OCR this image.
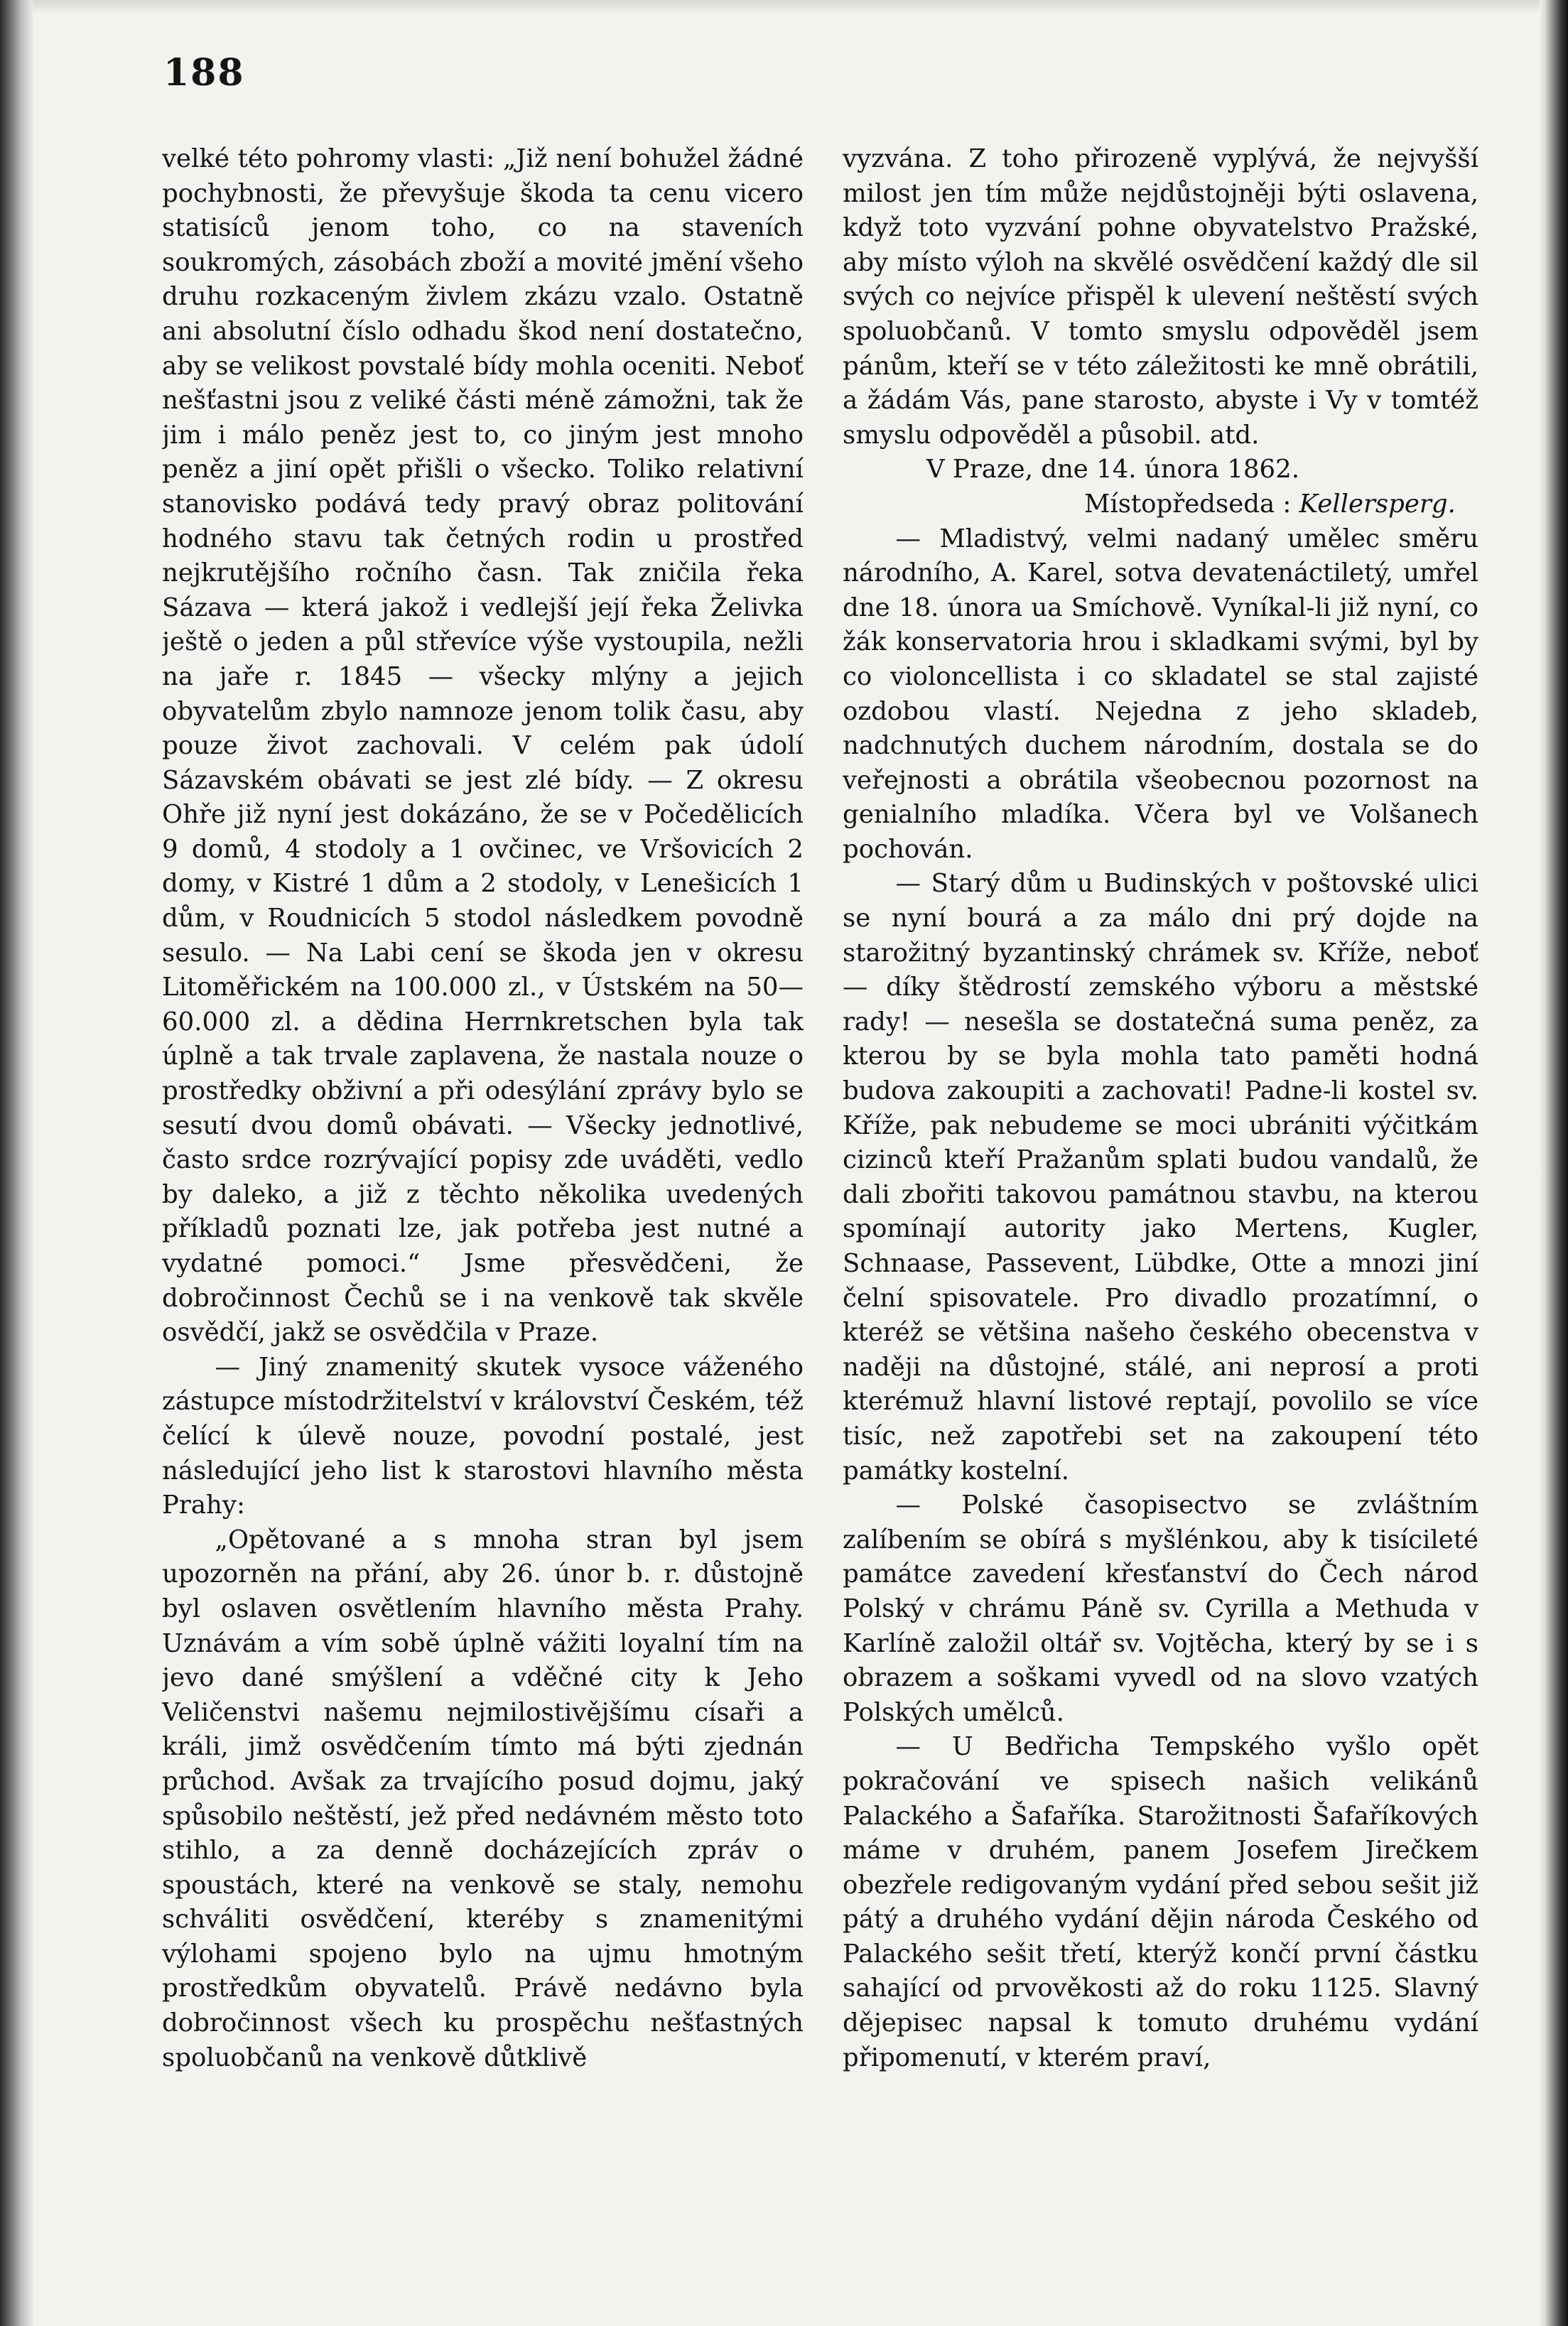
188

velké této pohromy vlasti: „Již není bohužel žádné pochybnosti, že převyšuje škoda ta cenu vicero statisíců jenom toho, co na staveních soukromých, zásobách zboží a movité jmění všeho druhu rozkaceným živlem zkázu vzalo. Ostatně ani absolutní číslo odhadu škod není dostatečno, aby se velikost povstalé bídy mohla oceniti. Neboť nešťastni jsou z veliké části méně zámožni, tak že jim i málo peněz jest to, co jiným jest mnoho peněz a jiní opět přišli o všecko. Toliko relativní stanovisko podává tedy pravý obraz politování hodného stavu tak četných rodin u prostřed nejkrutějšího ročního časn. Tak zničila řeka Sázava — která jakož i vedlejší její řeka Želivka ještě o jeden a půl střevíce výše vystoupila, nežli na jaře r. 1845 — všecky mlýny a jejich obyvatelům zbylo namnoze jenom tolik času, aby pouze život zachovali. V celém pak údolí Sázavském obávati se jest zlé bídy. — Z okresu Ohře již nyní jest dokázáno, že se v Počedělicích 9 domů, 4 stodoly a 1 ovčinec, ve Vršovicích 2 domy, v Kistré 1 dům a 2 stodoly, v Lenešicích 1 dům, v Roudnicích 5 stodol následkem povodně sesulo. — Na Labi cení se škoda jen v okresu Litoměřickém na 100.000 zl., v Ústském na 50—60.000 zl. a dědina Herrnkretschen byla tak úplně a tak trvale zaplavena, že nastala nouze o prostředky obživní a při odesýlání zprávy bylo se sesutí dvou domů obávati. — Všecky jednotlivé, často srdce rozrývající popisy zde uváděti, vedlo by daleko, a již z těchto několika uvedených příkladů poznati lze, jak potřeba jest nutné a vydatné pomoci.“ Jsme přesvědčeni, že dobročinnost Čechů se i na venkově tak skvěle osvědčí, jakž se osvědčila v Praze.

— Jiný znamenitý skutek vysoce váženého zástupce místodržitelství v království Českém, též čelící k úlevě nouze, povodní postalé, jest následující jeho list k starostovi hlavního města Prahy:

„Opětované a s mnoha stran byl jsem upozorněn na přání, aby 26. únor b. r. důstojně byl oslaven osvětlením hlavního města Prahy. Uznávám a vím sobě úplně vážiti loyalní tím na jevo dané smýšlení a vděčné city k Jeho Veličenstvi našemu nejmilostivějšímu císaři a králi, jimž osvědčením tímto má býti zjednán průchod. Avšak za trvajícího posud dojmu, jaký spůsobilo neštěstí, jež před nedávném město toto stihlo, a za denně docházejících zpráv o spoustách, které na venkově se staly, nemohu schváliti osvědčení, kteréby s znamenitými výlohami spojeno bylo na ujmu hmotným prostředkům obyvatelů. Právě nedávno byla dobročinnost všech ku prospěchu nešťastných spoluobčanů na venkově důtklivě

vyzvána. Z toho přirozeně vyplývá, že nejvyšší milost jen tím může nejdůstojněji býti oslavena, když toto vyzvání pohne obyvatelstvo Pražské, aby místo výloh na skvělé osvědčení každý dle sil svých co nejvíce přispěl k ulevení neštěstí svých spoluobčanů. V tomto smyslu odpověděl jsem pánům, kteří se v této záležitosti ke mně obrátili, a žádám Vás, pane starosto, abyste i Vy v tomtéž smyslu odpověděl a působil. atd.

V Praze, dne 14. února 1862.

Místopředseda : Kellersperg.

— Mladistvý, velmi nadaný umělec směru národního, A. Karel, sotva devatenáctiletý, umřel dne 18. února ua Smíchově. Vyníkal-li již nyní, co žák konservatoria hrou i skladkami svými, byl by co violoncellista i co skladatel se stal zajisté ozdobou vlastí. Nejedna z jeho skladeb, nadchnutých duchem národním, dostala se do veřejnosti a obrátila všeobecnou pozornost na genialního mladíka. Včera byl ve Volšanech pochován.

— Starý dům u Budinských v poštovské ulici se nyní bourá a za málo dni prý dojde na starožitný byzantinský chrámek sv. Kříže, neboť — díky štědrostí zemského výboru a městské rady! — nesešla se dostatečná suma peněz, za kterou by se byla mohla tato paměti hodná budova zakoupiti a zachovati! Padne-li kostel sv. Kříže, pak nebudeme se moci ubrániti výčitkám cizinců kteří Pražanům splati budou vandalů, že dali zbořiti takovou památnou stavbu, na kterou spomínají autority jako Mertens, Kugler, Schnaase, Passevent, Lübdke, Otte a mnozi jiní čelní spisovatele. Pro divadlo prozatímní, o kteréž se většina našeho českého obecenstva v naději na důstojné, stálé, ani neprosí a proti kterémuž hlavní listové reptají, povolilo se více tisíc, než zapotřebi set na zakoupení této památky kostelní.

— Polské časopisectvo se zvláštním zalíbením se obírá s myšlénkou, aby k tisícileté památce zavedení křesťanství do Čech národ Polský v chrámu Páně sv. Cyrilla a Methuda v Karlíně založil oltář sv. Vojtěcha, který by se i s obrazem a soškami vyvedl od na slovo vzatých Polských umělců.

— U Bedřicha Tempského vyšlo opět pokračování ve spisech našich velikánů Palackého a Šafaříka. Starožitnosti Šafaříkových máme v druhém, panem Josefem Jirečkem obezřele redigovaným vydání před sebou sešit již pátý a druhého vydání dějin národa Českého od Palackého sešit třetí, kterýž končí první částku sahající od prvověkosti až do roku 1125. Slavný dějepisec napsal k tomuto druhému vydání připomenutí, v kterém praví,
